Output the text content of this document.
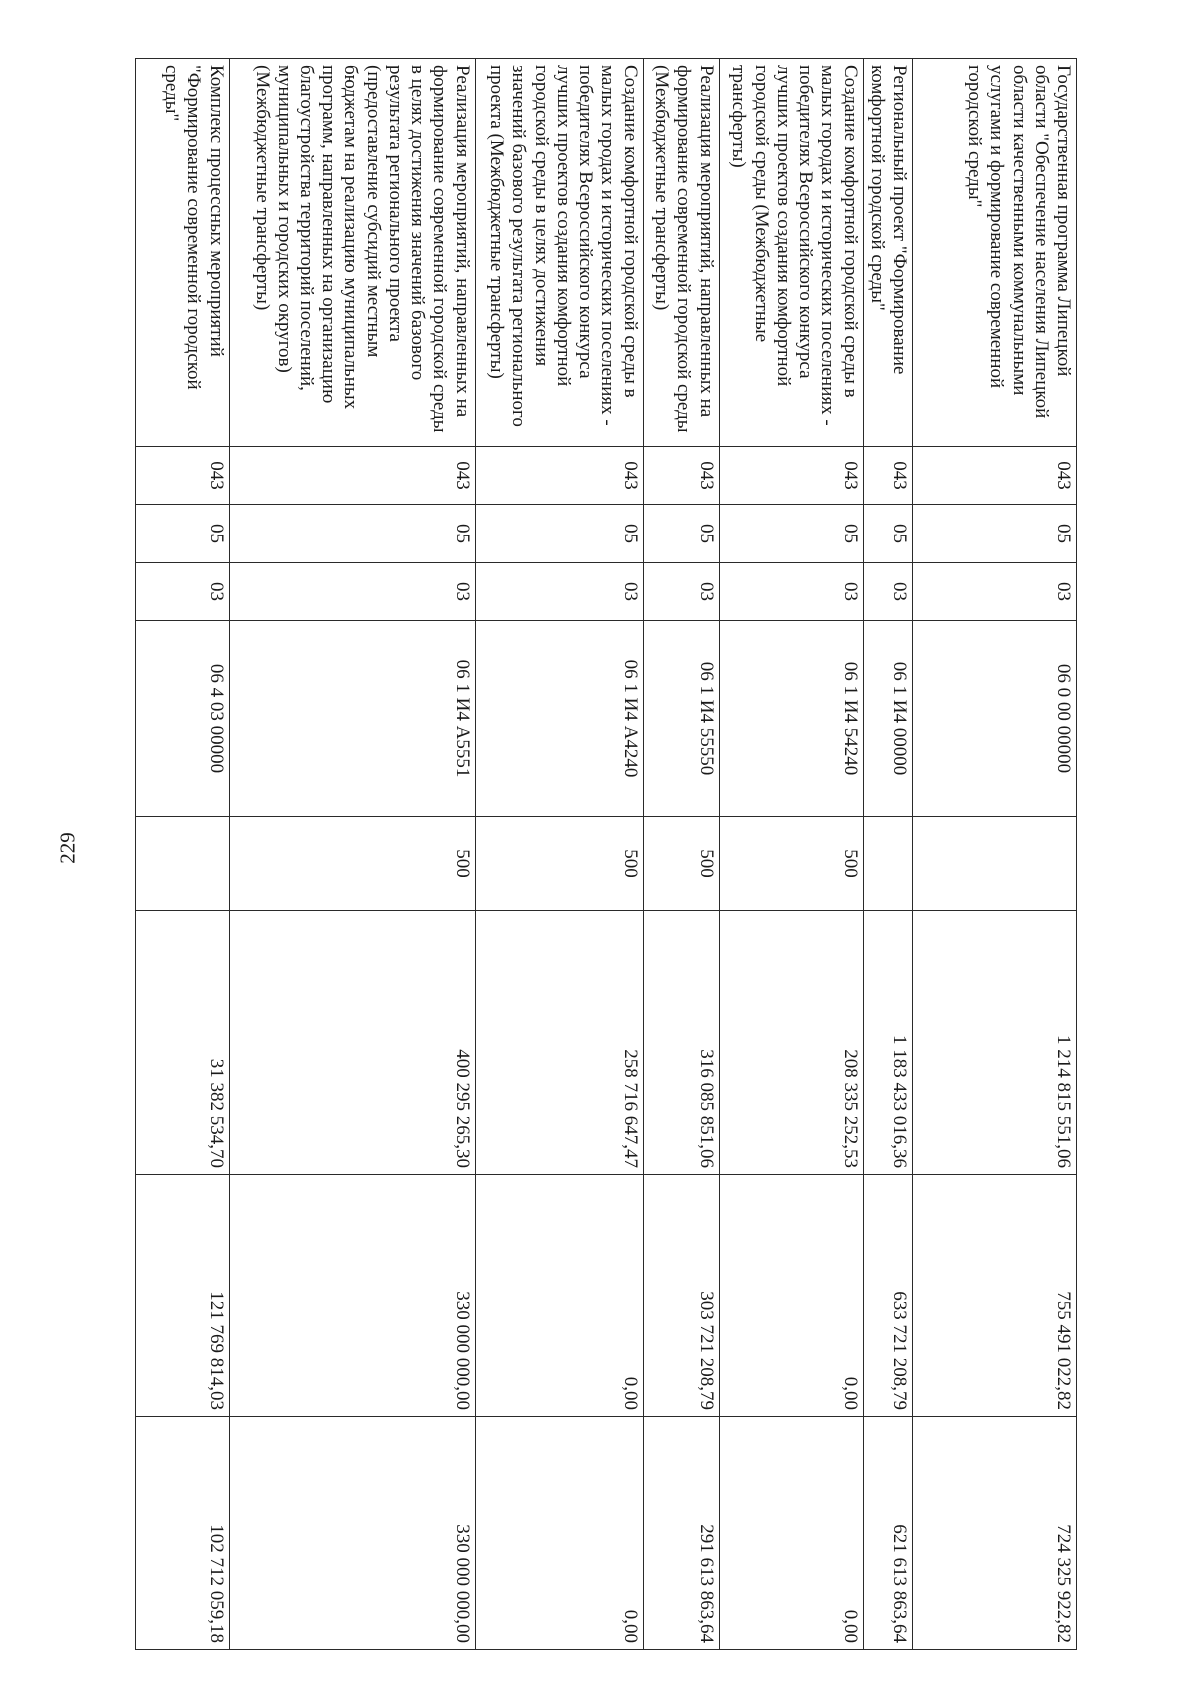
229
Государственная программа Липецкой области "Обеспечение населения Липецкой области качественными коммунальными услугами и формирование современной городской среды"	043	05	03	06 0 00 00000		1 214 815 551,06	755 491 022,82	724 325 922,82
Региональный проект "Формирование комфортной городской среды"	043	05	03	06 1 И4 00000		1 183 433 016,36	633 721 208,79	621 613 863,64
Создание комфортной городской среды в малых городах и исторических поселениях - победителях Всероссийского конкурса лучших проектов создания комфортной городской среды (Межбюджетные трансферты)	043	05	03	06 1 И4 54240	500	208 335 252,53	0,00	0,00
Реализация мероприятий, направленных на формирование современной городской среды (Межбюджетные трансферты)	043	05	03	06 1 И4 55550	500	316 085 851,06	303 721 208,79	291 613 863,64
Создание комфортной городской среды в малых городах и исторических поселениях - победителях Всероссийского конкурса лучших проектов создания комфортной городской среды в целях достижения значений базового результата регионального проекта (Межбюджетные трансферты)	043	05	03	06 1 И4 А4240	500	258 716 647,47	0,00	0,00
Реализация мероприятий, направленных на формирование современной городской среды в целях достижения значений базового результата регионального проекта (предоставление субсидий местным бюджетам на реализацию муниципальных программ, направленных на организацию благоустройства территорий поселений, муниципальных и городских округов) (Межбюджетные трансферты)	043	05	03	06 1 И4 А5551	500	400 295 265,30	330 000 000,00	330 000 000,00
Комплекс процессных мероприятий "Формирование современной городской среды"	043	05	03	06 4 03 00000		31 382 534,70	121 769 814,03	102 712 059,18
